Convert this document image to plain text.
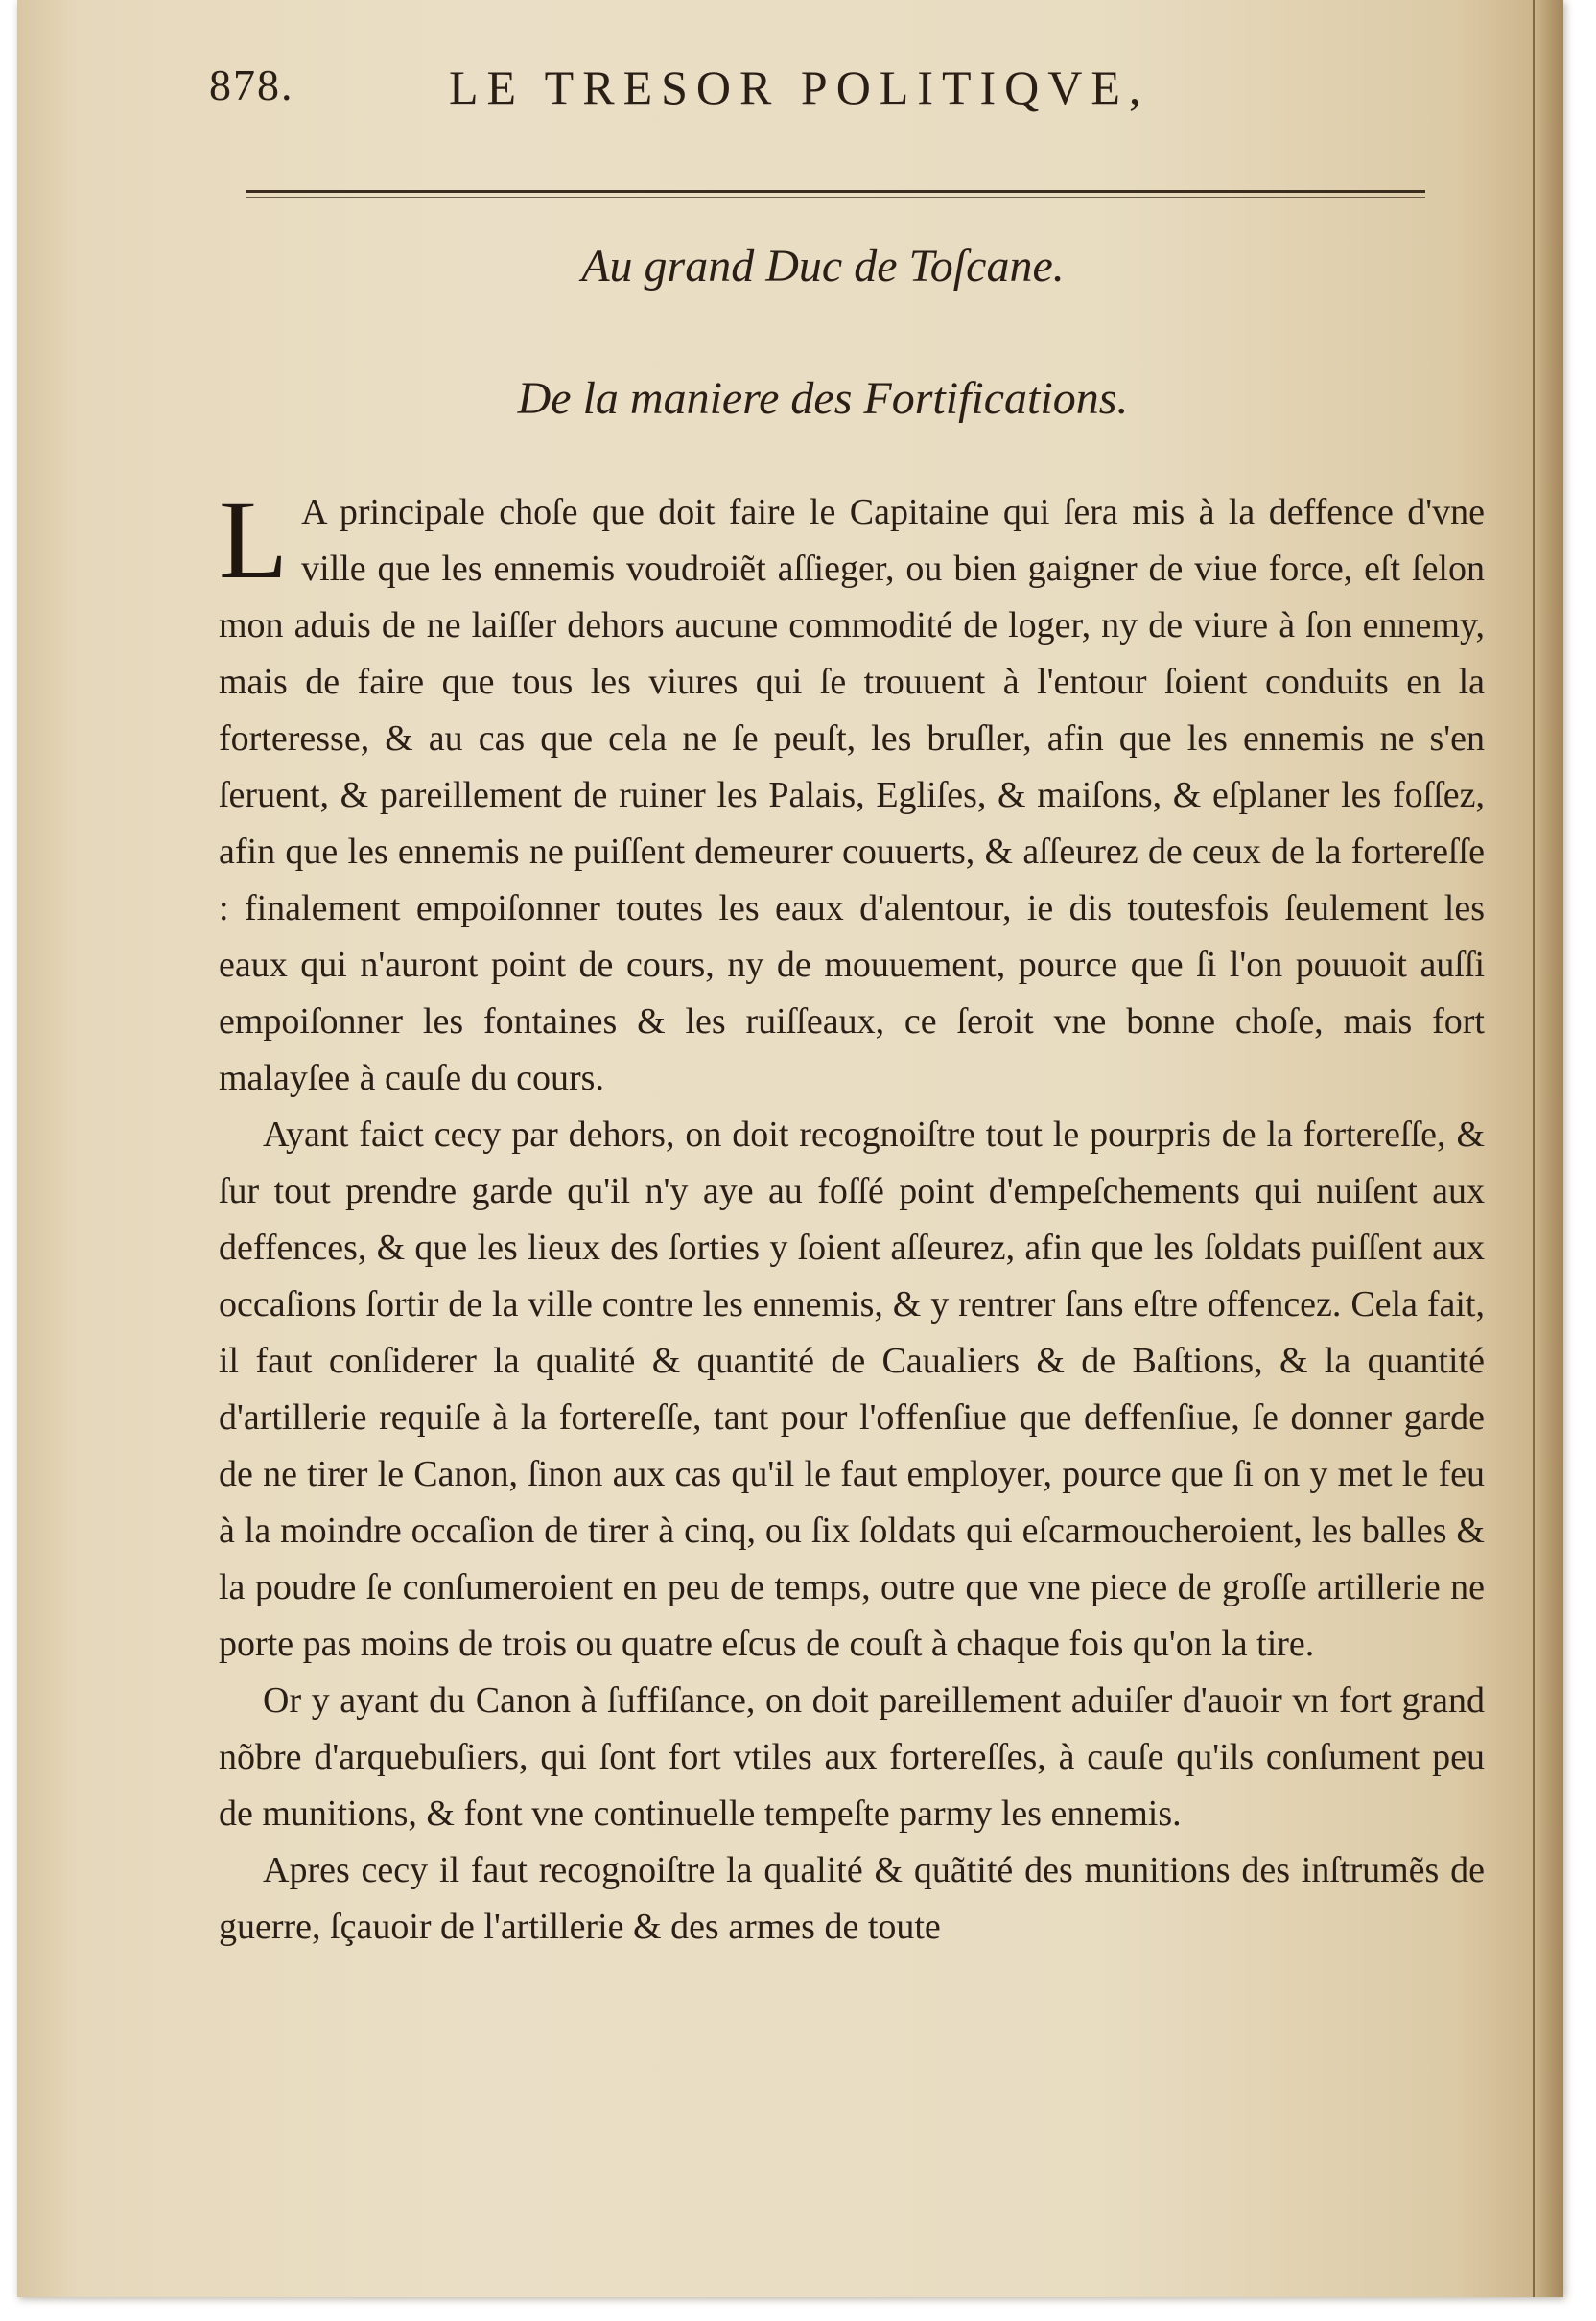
878.	LE TRESOR POLITIQVE,
Au grand Duc de Toſcane.
De la maniere des Fortifications.

L A principale choſe que doit faire le Capitaine qui ſera mis à la deffence d'vne ville que les ennemis voudroiẽt aſſieger, ou bien gaigner de viue force, eſt ſelon mon aduis de ne laiſſer dehors aucune commodité de loger, ny de viure à ſon ennemy, mais de faire que tous les viures qui ſe trouuent à l'entour ſoient conduits en la forteresse, & au cas que cela ne ſe peuſt, les bruſler, afin que les ennemis ne s'en ſeruent, & pareillement de ruiner les Palais, Egliſes, & maiſons, & eſplaner les foſſez, afin que les ennemis ne puiſſent demeurer couuerts, & aſſeurez de ceux de la fortereſſe : finalement empoiſonner toutes les eaux d'alentour, ie dis toutesfois ſeulement les eaux qui n'auront point de cours, ny de mouuement, pource que ſi l'on pouuoit auſſi empoiſonner les fontaines & les ruiſſeaux, ce ſeroit vne bonne choſe, mais fort malayſee à cauſe du cours.

Ayant faict cecy par dehors, on doit recognoiſtre tout le pourpris de la fortereſſe, & ſur tout prendre garde qu'il n'y aye au foſſé point d'empeſchements qui nuiſent aux deffences, & que les lieux des ſorties y ſoient aſſeurez, afin que les ſoldats puiſſent aux occaſions ſortir de la ville contre les ennemis, & y rentrer ſans eſtre offencez. Cela fait, il faut conſiderer la qualité & quantité de Caualiers & de Baſtions, & la quantité d'artillerie requiſe à la fortereſſe, tant pour l'offenſiue que deffenſiue, ſe donner garde de ne tirer le Canon, ſinon aux cas qu'il le faut employer, pource que ſi on y met le feu à la moindre occaſion de tirer à cinq, ou ſix ſoldats qui eſcarmoucheroient, les balles & la poudre ſe conſumeroient en peu de temps, outre que vne piece de groſſe artillerie ne porte pas moins de trois ou quatre eſcus de couſt à chaque fois qu'on la tire.

Or y ayant du Canon à ſuffiſance, on doit pareillement aduiſer d'auoir vn fort grand nõbre d'arquebuſiers, qui ſont fort vtiles aux fortereſſes, à cauſe qu'ils conſument peu de munitions, & font vne continuelle tempeſte parmy les ennemis.

Apres cecy il faut recognoiſtre la qualité & quãtité des munitions des inſtrumẽs de guerre, ſçauoir de l'artillerie & des armes de toute
